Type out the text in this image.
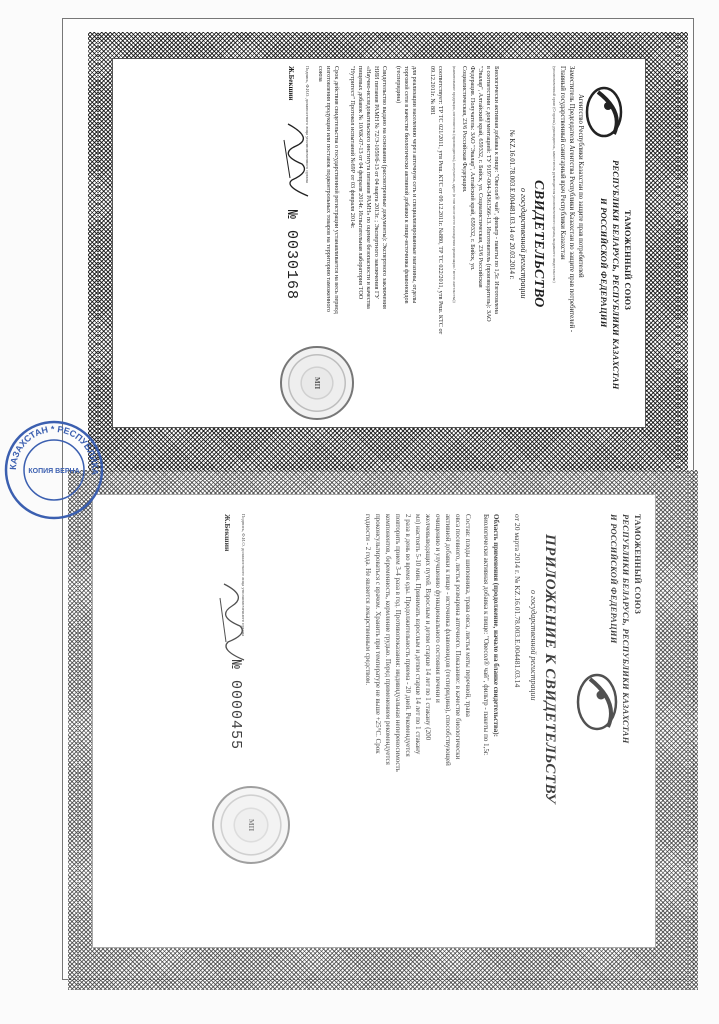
ТАМОЖЕННЫЙ СОЮЗ
РЕСПУБЛИКИ БЕЛАРУСЬ, РЕСПУБЛИКИ КАЗАХСТАН
И РОССИЙСКОЙ ФЕДЕРАЦИИ
Агентство Республики Казахстан по защите прав потребителей
Заместитель Председателя Агентства Республики Казахстан по защите прав потребителей -
Главный государственный санитарный врач Республики Казахстан
(уполномоченный орган (Стороны), руководитель, заместитель руководителя уполномоченного органа, выдавшего свидетельство)
СВИДЕТЕЛЬСТВО
о государственной регистрации
№ KZ.16.01.78.003.Е.004481.03.14 от 20.03.2014 г.
Биологически активная добавка к пище: "Овесол® чай", фильтр - пакеты по 1,5г. Изготовлена
в соответствии с документацией: ТУ 9197-004-34361566-13. Изготовитель (производитель): ЗАО
"Эвалар", Алтайский край, 659332, г. Бийск, ул. Социалистическая, 23/6 Российская
Федерация. Получатель: ЗАО "Эвалар", Алтайский край, 659332, г. Бийск, ул.
Социалистическая, 23/6 Российская Федерация.
(наименование продукции, изготовитель (производитель), получатель, адрес (в том числе место нахождения организации / место жительства))
соответствует: ТР ТС 021/2011, утв Реш. КТС от 09.12.2011г. №880, ТР ТС 022/2011, утв Реш. КТС от
09.12.2011г. № 881
для реализации населению через аптечную сеть и специализированные магазины, отделы
торговой сети в качестве биологически активной добавки к пище-источника флавоноидов
(гесперидина)
Свидетельство выдано на основании (рассмотренные документы): Экспертного заключения
НИИ питания РАМН № 72/Э-1059/б-13 от 04 марта 2013г. ; Экспертного заключения ГУ
«Научно-исследовательского института питания РАМН» по оценке безопасности и качества
пищевых добавок № 10/6К-07-13 от 04 февраля 2014г. Испытательная лаборатория ТОО
"Нутритест" Протокол испытаний №69Р от 03 февраля 2014г.
Срок действия свидетельства о государственной регистрации устанавливается на весь период
изготовления продукции или поставок подконтрольных товаров на территорию таможенного
союза
Подпись, Ф.И.О. должностного лица уполномоченного органа
Ж.Бекшин
№ 0030168
МП
ТАМОЖЕННЫЙ СОЮЗ
РЕСПУБЛИКИ БЕЛАРУСЬ, РЕСПУБЛИКИ КАЗАХСТАН
И РОССИЙСКОЙ ФЕДЕРАЦИИ
ПРИЛОЖЕНИЕ К СВИДЕТЕЛЬСТВУ
о государственной регистрации
от 20 марта 2014 г. № KZ.16.01.78.003.Е.004481.03.14
Область применения (продолжение, начало на бланке свидетельства):
Биологически активная добавка к пище: "Овесол® чай", фильтр - пакеты по 1,5г.
Состав: плоды шиповника, трава овса, листья мяты перечной, трава
овса посевного, листья розмарина аптечного. Показание: в качестве биологически
активной добавки к пище - источника флавоноидов (гесперидина), способствующей
очищению и улучшению функционального состояния печени и
желчевыводящих путей. Взрослым и детям старше 14 лет по 1 стакану (200
мл) настоять 5-10 мин. Принимать взрослым и детям старше 14 лет по 1 стакану
2 раза в день во время еды. Продолжительность приема - 20 дней. Рекомендуется
повторить прием 3-4 раза в год. Противопоказания: индивидуальная непереносимость
компонентов, беременность, кормление грудью. Перед применением рекомендуется
проконсультироваться с врачом. Хранить при температуре не выше +25°С. Срок
годности - 2 года. Не является лекарственным средством.
Подпись, Ф.И.О. должностного лица уполномоченного органа
Ж.Бекшин
№ 0000455
МП
КАЗАХСТАН * РЕСПУБЛИКА
КОПИЯ ВЕРНА
